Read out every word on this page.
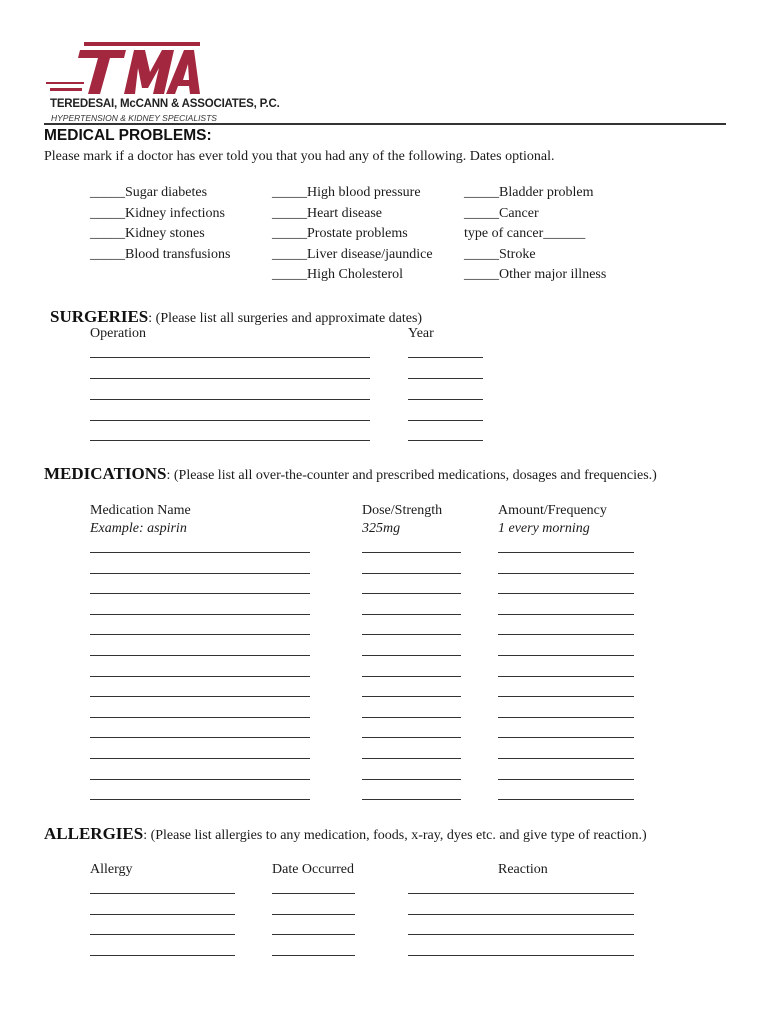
TEREDESAI, McCANN & ASSOCIATES, P.C.
HYPERTENSION & KIDNEY SPECIALISTS
MEDICAL PROBLEMS:
Please mark if a doctor has ever told you that you had any of the following. Dates optional.
_____Sugar diabetes
_____Kidney infections
_____Kidney stones
_____Blood transfusions
_____High blood pressure
_____Heart disease
_____Prostate problems
_____Liver disease/jaundice
_____High Cholesterol
_____Bladder problem
_____Cancer
type of cancer______
_____Stroke
_____Other major illness
SURGERIES: (Please list all surgeries and approximate dates)
Operation	Year
MEDICATIONS: (Please list all over-the-counter and prescribed medications, dosages and frequencies.)
Medication Name	Dose/Strength	Amount/Frequency
Example: aspirin	325mg	1 every morning
ALLERGIES: (Please list allergies to any medication, foods, x-ray, dyes etc. and give type of reaction.)
Allergy	Date Occurred	Reaction
